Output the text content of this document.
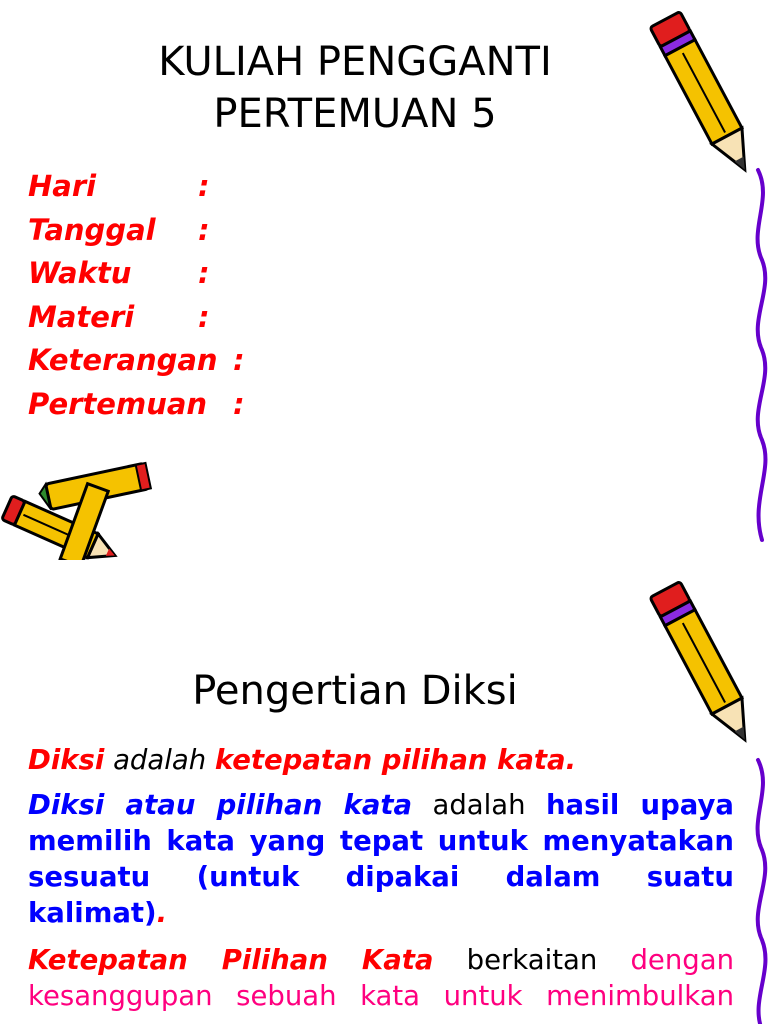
KULIAH PENGGANTI
PERTEMUAN 5
Hari	:
Tanggal :
Waktu :
Materi :
Keterangan :
Pertemuan :
Pengertian Diksi
Diksi adalah ketepatan pilihan kata.
Diksi atau pilihan kata adalah hasil upaya memilih kata yang tepat untuk menyatakan sesuatu (untuk dipakai dalam suatu kalimat).
Ketepatan Pilihan Kata berkaitan dengan kesanggupan sebuah kata untuk menimbulkan
